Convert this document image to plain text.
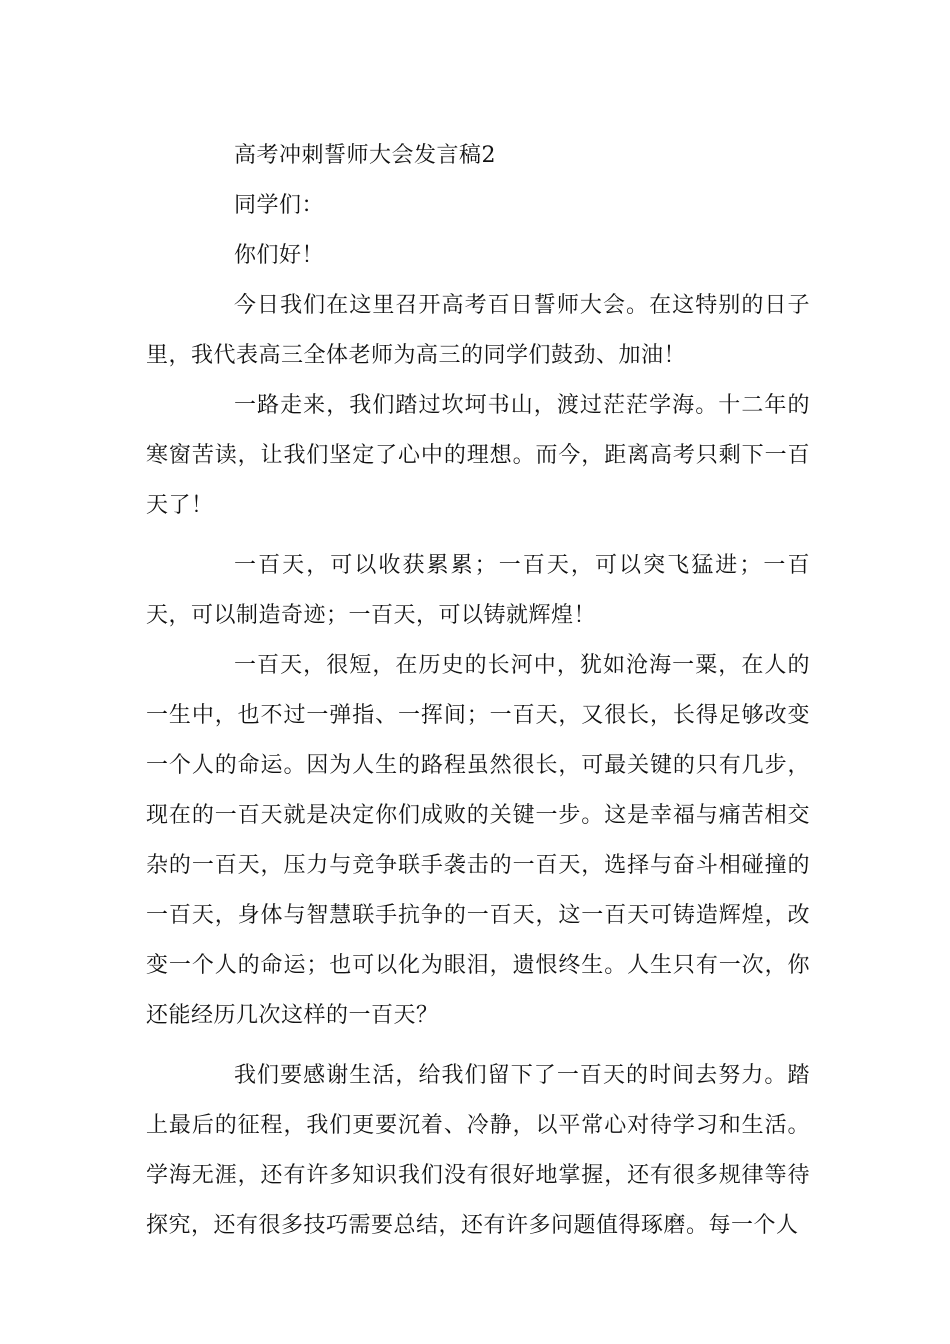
高考冲刺誓师大会发言稿2

同学们：

你们好！

今日我们在这里召开高考百日誓师大会。在这特别的日子里，我代表高三全体老师为高三的同学们鼓劲、加油！

一路走来，我们踏过坎坷书山，渡过茫茫学海。十二年的寒窗苦读，让我们坚定了心中的理想。而今，距离高考只剩下一百天了！

一百天，可以收获累累；一百天，可以突飞猛进；一百天，可以制造奇迹；一百天，可以铸就辉煌！

一百天，很短，在历史的长河中，犹如沧海一粟，在人的一生中，也不过一弹指、一挥间；一百天，又很长，长得足够改变一个人的命运。因为人生的路程虽然很长，可最关键的只有几步，现在的一百天就是决定你们成败的关键一步。这是幸福与痛苦相交杂的一百天，压力与竞争联手袭击的一百天，选择与奋斗相碰撞的一百天，身体与智慧联手抗争的一百天，这一百天可铸造辉煌，改变一个人的命运；也可以化为眼泪，遗恨终生。人生只有一次，你还能经历几次这样的一百天？

我们要感谢生活，给我们留下了一百天的时间去努力。踏上最后的征程，我们更要沉着、冷静，以平常心对待学习和生活。学海无涯，还有许多知识我们没有很好地掌握，还有很多规律等待探究，还有很多技巧需要总结，还有许多问题值得琢磨。每一个人
